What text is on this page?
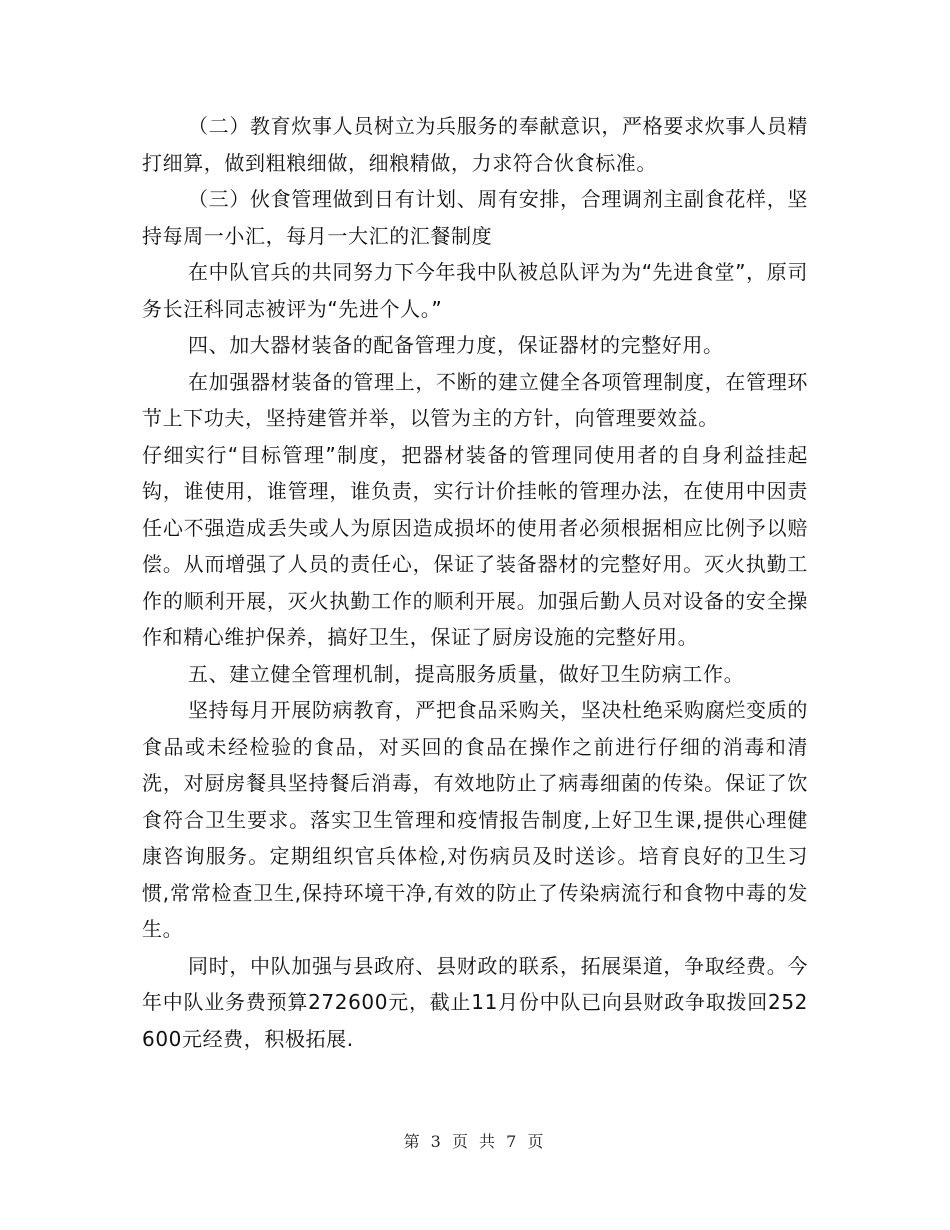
（二）教育炊事人员树立为兵服务的奉献意识，严格要求炊事人员精打细算，做到粗粮细做，细粮精做，力求符合伙食标准。

（三）伙食管理做到日有计划、周有安排，合理调剂主副食花样，坚持每周一小汇，每月一大汇的汇餐制度

在中队官兵的共同努力下今年我中队被总队评为为“先进食堂”，原司务长汪科同志被评为“先进个人。”

四、加大器材装备的配备管理力度，保证器材的完整好用。

在加强器材装备的管理上，不断的建立健全各项管理制度，在管理环节上下功夫，坚持建管并举，以管为主的方针，向管理要效益。

仔细实行“目标管理”制度，把器材装备的管理同使用者的自身利益挂起钩，谁使用，谁管理，谁负责，实行计价挂帐的管理办法，在使用中因责任心不强造成丢失或人为原因造成损坏的使用者必须根据相应比例予以赔偿。从而增强了人员的责任心，保证了装备器材的完整好用。灭火执勤工作的顺利开展，灭火执勤工作的顺利开展。加强后勤人员对设备的安全操作和精心维护保养，搞好卫生，保证了厨房设施的完整好用。

五、建立健全管理机制，提高服务质量，做好卫生防病工作。

坚持每月开展防病教育，严把食品采购关，坚决杜绝采购腐烂变质的食品或未经检验的食品，对买回的食品在操作之前进行仔细的消毒和清洗，对厨房餐具坚持餐后消毒，有效地防止了病毒细菌的传染。保证了饮食符合卫生要求。落实卫生管理和疫情报告制度,上好卫生课,提供心理健康咨询服务。定期组织官兵体检,对伤病员及时送诊。培育良好的卫生习惯,常常检查卫生,保持环境干净,有效的防止了传染病流行和食物中毒的发生。

同时，中队加强与县政府、县财政的联系，拓展渠道，争取经费。今年中队业务费预算272600元，截止11月份中队已向县财政争取拨回252600元经费，积极拓展.

第 3 页 共 7 页
